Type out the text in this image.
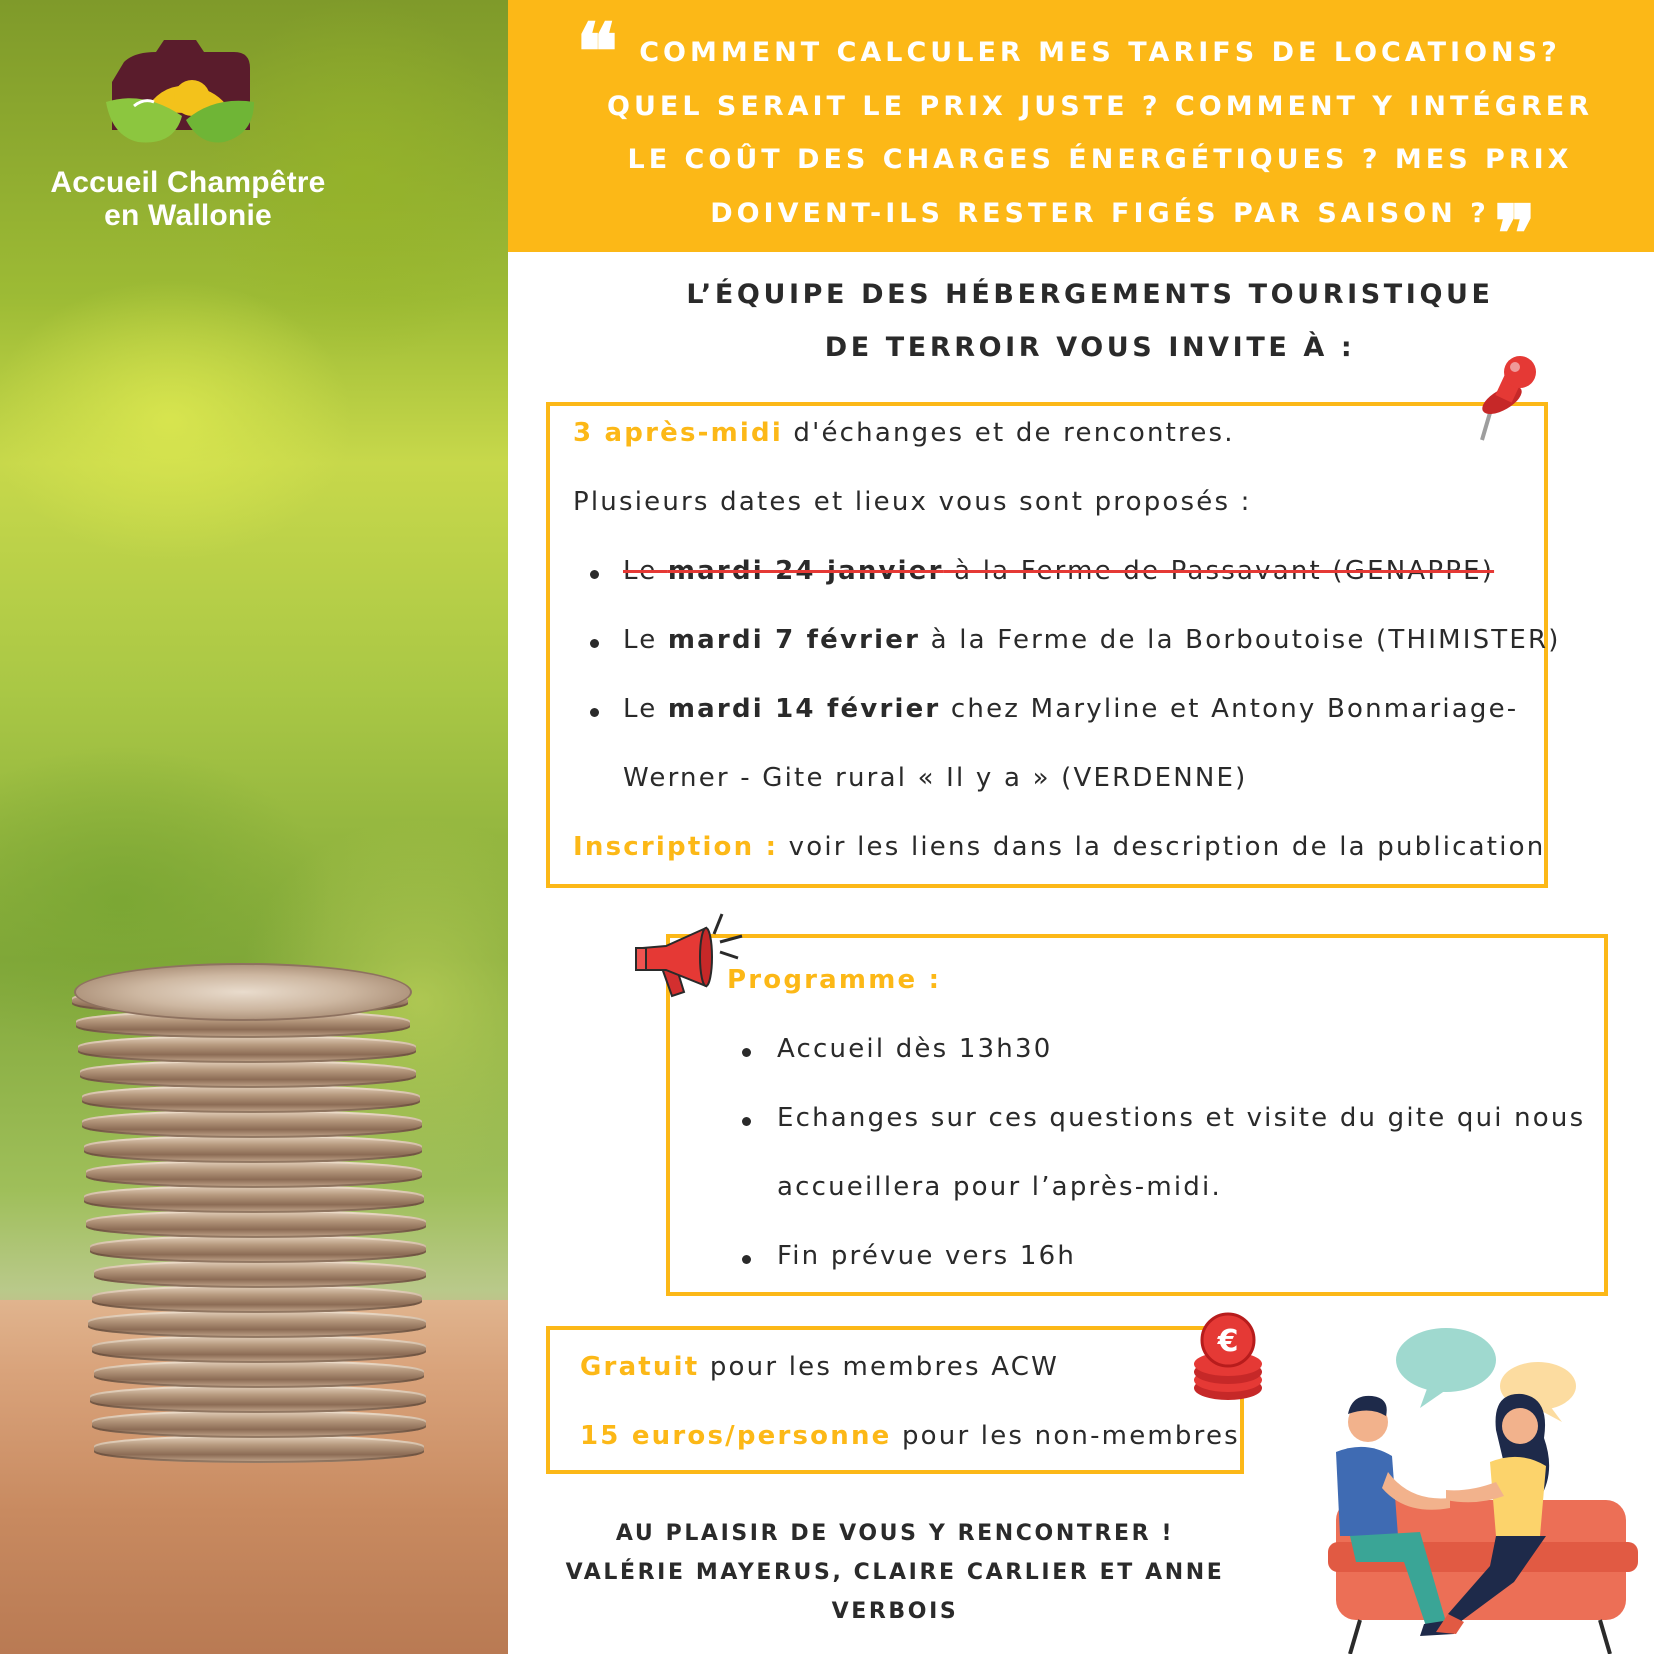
Accueil Champêtre
en Wallonie
❝ COMMENT CALCULER MES TARIFS DE LOCATIONS?
QUEL SERAIT LE PRIX JUSTE ? COMMENT Y INTÉGRER
LE COÛT DES CHARGES ÉNERGÉTIQUES ? MES PRIX
DOIVENT-ILS RESTER FIGÉS PAR SAISON ? ❞
L’ÉQUIPE DES HÉBERGEMENTS TOURISTIQUE
DE TERROIR VOUS INVITE À :
3 après-midi d'échanges et de rencontres.
Plusieurs dates et lieux vous sont proposés :
Le mardi 24 janvier à la Ferme de Passavant (GENAPPE)
Le mardi 7 février à la Ferme de la Borboutoise (THIMISTER)
Le mardi 14 février chez Maryline et Antony Bonmariage-
Werner - Gite rural « Il y a » (VERDENNE)
Inscription : voir les liens dans la description de la publication
Programme :
Accueil dès 13h30
Echanges sur ces questions et visite du gite qui nous
accueillera pour l’après-midi.
Fin prévue vers 16h
€
Gratuit pour les membres ACW
15 euros/personne pour les non-membres
AU PLAISIR DE VOUS Y RENCONTRER !
VALÉRIE MAYERUS, CLAIRE CARLIER ET ANNE VERBOIS
